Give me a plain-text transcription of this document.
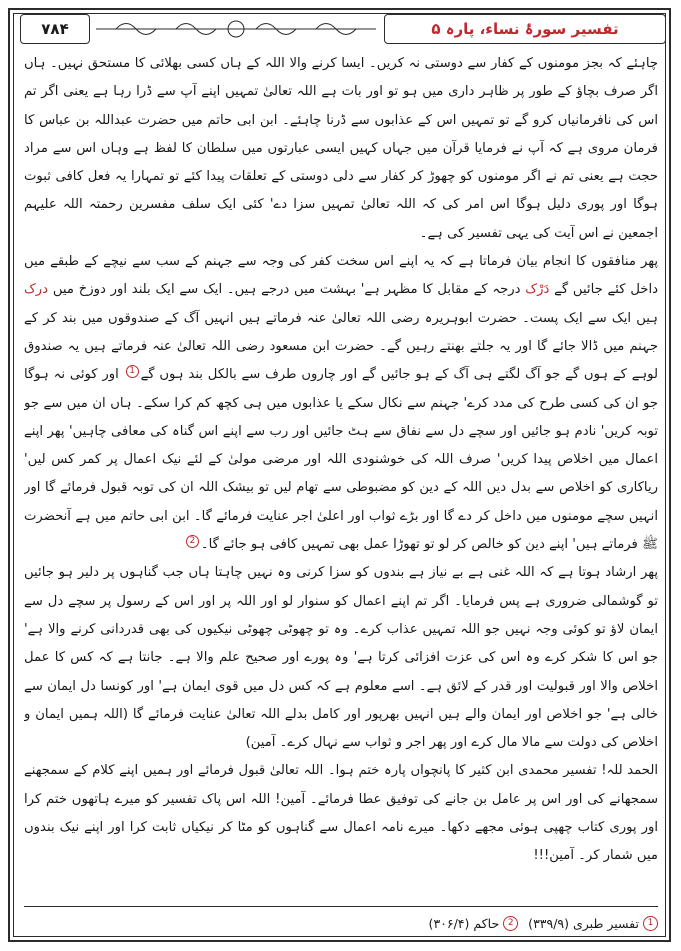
۷۸۴	تفسیر سورۂ نساء، پارہ ۵

چاہئے کہ بجز مومنوں کے کفار سے دوستی نہ کریں۔ ایسا کرنے والا اللہ کے ہاں کسی بھلائی کا مستحق نہیں۔ ہاں اگر صرف بچاؤ کے طور پر ظاہر داری میں ہو تو اور بات ہے اللہ تعالیٰ تمہیں اپنے آپ سے ڈرا رہا ہے یعنی اگر تم اس کی نافرمانیاں کرو گے تو تمہیں اس کے عذابوں سے ڈرنا چاہئے۔ ابن ابی حاتم میں حضرت عبداللہ بن عباس کا فرمان مروی ہے کہ آپ نے فرمایا قرآن میں جہاں کہیں ایسی عبارتوں میں سلطان کا لفظ ہے وہاں اس سے مراد حجت ہے یعنی تم نے اگر مومنوں کو چھوڑ کر کفار سے دلی دوستی کے تعلقات پیدا کئے تو تمہارا یہ فعل کافی ثبوت ہوگا اور پوری دلیل ہوگا اس امر کی کہ اللہ تعالیٰ تمہیں سزا دے' کئی ایک سلف مفسرین رحمتہ اللہ علیہم اجمعین نے اس آیت کی یہی تفسیر کی ہے۔

پھر منافقوں کا انجام بیان فرماتا ہے کہ یہ اپنے اس سخت کفر کی وجہ سے جہنم کے سب سے نیچے کے طبقے میں داخل کئے جائیں گے دَرْک درجہ کے مقابل کا مظہر ہے' بہشت میں درجے ہیں۔ ایک سے ایک بلند اور دوزخ میں درک ہیں ایک سے ایک پست۔ حضرت ابوہریرہ رضی اللہ تعالیٰ عنہ فرماتے ہیں انہیں آگ کے صندوقوں میں بند کر کے جہنم میں ڈالا جائے گا اور یہ جلتے بھنتے رہیں گے۔ حضرت ابن مسعود رضی اللہ تعالیٰ عنہ فرماتے ہیں یہ صندوق لوہے کے ہوں گے جو آگ لگتے ہی آگ کے ہو جائیں گے اور چاروں طرف سے بالکل بند ہوں گے1 اور کوئی نہ ہوگا جو ان کی کسی طرح کی مدد کرے' جہنم سے نکال سکے یا عذابوں میں ہی کچھ کم کرا سکے۔ ہاں ان میں سے جو توبہ کریں' نادم ہو جائیں اور سچے دل سے نفاق سے ہٹ جائیں اور رب سے اپنے اس گناہ کی معافی چاہیں' پھر اپنے اعمال میں اخلاص پیدا کریں' صرف اللہ کی خوشنودی اللہ اور مرضی مولیٰ کے لئے نیک اعمال پر کمر کس لیں' ریاکاری کو اخلاص سے بدل دیں اللہ کے دین کو مضبوطی سے تھام لیں تو بیشک اللہ ان کی توبہ قبول فرمائے گا اور انہیں سچے مومنوں میں داخل کر دے گا اور بڑے ثواب اور اعلیٰ اجر عنایت فرمائے گا۔ ابن ابی حاتم میں ہے آنحضرت ﷺ فرماتے ہیں' اپنے دین کو خالص کر لو تو تھوڑا عمل بھی تمہیں کافی ہو جائے گا۔2

پھر ارشاد ہوتا ہے کہ اللہ غنی ہے بے نیاز ہے بندوں کو سزا کرنی وہ نہیں چاہتا ہاں جب گناہوں پر دلیر ہو جائیں تو گوشمالی ضروری ہے پس فرمایا۔ اگر تم اپنے اعمال کو سنوار لو اور اللہ پر اور اس کے رسول پر سچے دل سے ایمان لاؤ تو کوئی وجہ نہیں جو اللہ تمہیں عذاب کرے۔ وہ تو چھوٹی چھوٹی نیکیوں کی بھی قدردانی کرنے والا ہے' جو اس کا شکر کرے وہ اس کی عزت افزائی کرتا ہے' وہ پورے اور صحیح علم والا ہے۔ جانتا ہے کہ کس کا عمل اخلاص والا اور قبولیت اور قدر کے لائق ہے۔ اسے معلوم ہے کہ کس دل میں قوی ایمان ہے' اور کونسا دل ایمان سے خالی ہے' جو اخلاص اور ایمان والے ہیں انہیں بھرپور اور کامل بدلے اللہ تعالیٰ عنایت فرمائے گا (اللہ ہمیں ایمان و اخلاص کی دولت سے مالا مال کرے اور پھر اجر و ثواب سے نہال کرے۔ آمین)

الحمد للہ! تفسیر محمدی ابن کثیر کا پانچواں پارہ ختم ہوا۔ اللہ تعالیٰ قبول فرمائے اور ہمیں اپنے کلام کے سمجھنے سمجھانے کی اور اس پر عامل بن جانے کی توفیق عطا فرمائے۔ آمین! اللہ اس پاک تفسیر کو میرے ہاتھوں ختم کرا اور پوری کتاب چھپی ہوئی مجھے دکھا۔ میرے نامہ اعمال سے گناہوں کو مٹا کر نیکیاں ثابت کرا اور اپنے نیک بندوں میں شمار کر۔ آمین!!!

1
تفسیر طبری (۳۳۹/۹)
2
حاکم (۳۰۶/۴)
